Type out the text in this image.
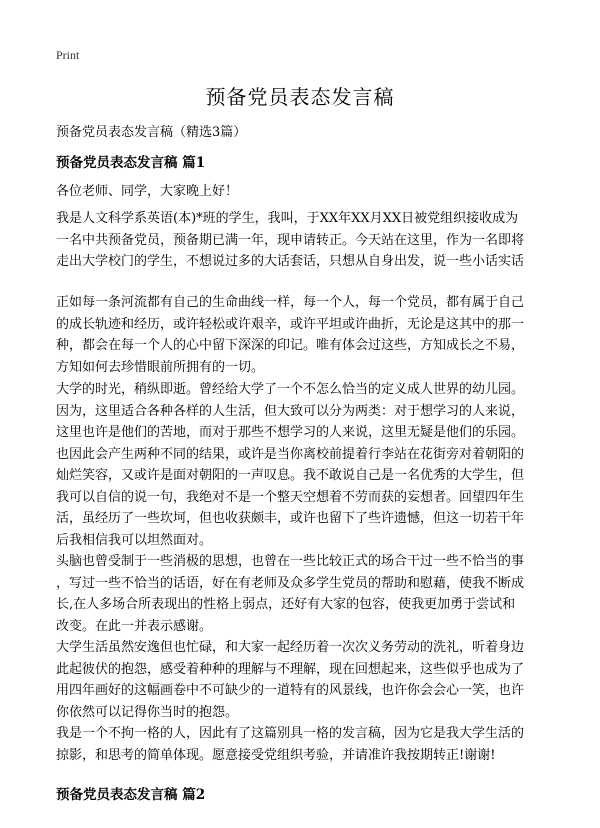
Print
预备党员表态发言稿

预备党员表态发言稿（精选3篇）

预备党员表态发言稿 篇1

各位老师、同学，大家晚上好！

我是人文科学系英语(本)*班的学生，我叫，于XX年XX月XX日被党组织接收成为
一名中共预备党员，预备期已满一年，现申请转正。今天站在这里，作为一名即将
走出大学校门的学生，不想说过多的大话套话，只想从自身出发，说一些小话实话
正如每一条河流都有自己的生命曲线一样，每一个人，每一个党员，都有属于自己
的成长轨迹和经历，或许轻松或许艰辛，或许平坦或许曲折，无论是这其中的那一
种，都会在每一个人的心中留下深深的印记。唯有体会过这些，方知成长之不易，
方知如何去珍惜眼前所拥有的一切。
大学的时光，稍纵即逝。曾经给大学了一个不怎么恰当的定义成人世界的幼儿园。
因为，这里适合各种各样的人生活，但大致可以分为两类：对于想学习的人来说，
这里也许是他们的苦地，而对于那些不想学习的人来说，这里无疑是他们的乐园。
也因此会产生两种不同的结果，或许是当你离校前提着行李站在花街旁对着朝阳的
灿烂笑容，又或许是面对朝阳的一声叹息。我不敢说自己是一名优秀的大学生，但
我可以自信的说一句，我绝对不是一个整天空想着不劳而获的妄想者。回望四年生
活，虽经历了一些坎坷，但也收获颇丰，或许也留下了些许遗憾，但这一切若干年
后我相信我可以坦然面对。
头脑也曾受制于一些消极的思想，也曾在一些比较正式的场合干过一些不恰当的事
，写过一些不恰当的话语，好在有老师及众多学生党员的帮助和慰藉，使我不断成
长,在人多场合所表现出的性格上弱点，还好有大家的包容，使我更加勇于尝试和
改变。在此一并表示感谢。
大学生活虽然安逸但也忙碌，和大家一起经历着一次次义务劳动的洗礼，听着身边
此起彼伏的抱怨，感受着种种的理解与不理解，现在回想起来，这些似乎也成为了
用四年画好的这幅画卷中不可缺少的一道特有的风景线，也许你会会心一笑，也许
你依然可以记得你当时的抱怨。
我是一个不拘一格的人，因此有了这篇别具一格的发言稿，因为它是我大学生活的
掠影，和思考的简单体现。愿意接受党组织考验，并请准许我按期转正!谢谢!
预备党员表态发言稿 篇2
